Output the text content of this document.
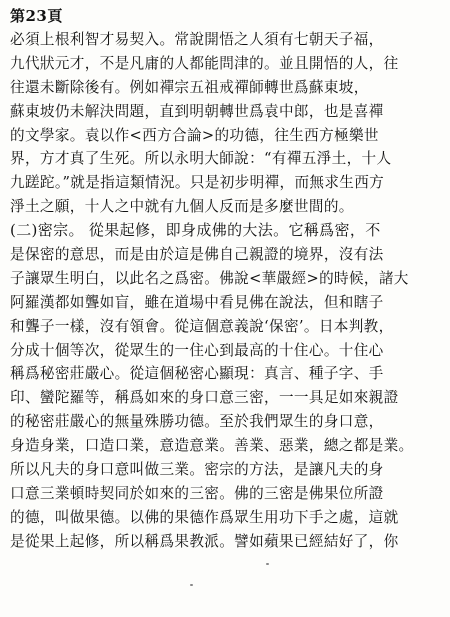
第23頁
必須上根利智才易契入。常說開悟之人須有七朝天子福，
九代狀元才，不是凡庸的人都能問津的。並且開悟的人，往
往還未斷除後有。例如禪宗五祖戒禪師轉世爲蘇東坡，
蘇東坡仍未解決問題，直到明朝轉世爲袁中郎，也是喜禪
的文學家。袁以作<西方合論>的功德，往生西方極樂世
界，方才真了生死。所以永明大師說：“有禪五淨土，十人
九蹉跎。”就是指這類情況。只是初步明禪，而無求生西方
淨土之願，十人之中就有九個人反而是多麼世間的。
(二)密宗。 從果起修，即身成佛的大法。它稱爲密，不
是保密的意思，而是由於這是佛自己親證的境界，沒有法
子讓眾生明白，以此名之爲密。佛說<華嚴經>的時候，諸大
阿羅漢都如聾如盲，雖在道場中看見佛在說法，但和瞎子
和聾子一樣，沒有領會。從這個意義說‘保密’。日本判教，
分成十個等次，從眾生的一住心到最高的十住心。十住心
稱爲秘密莊嚴心。從這個秘密心顯現：真言、種子字、手
印、蠻陀羅等，稱爲如來的身口意三密，一一具足如來親證
的秘密莊嚴心的無量殊勝功德。至於我們眾生的身口意，
身造身業，口造口業，意造意業。善業、惡業，總之都是業。
所以凡夫的身口意叫做三業。密宗的方法，是讓凡夫的身
口意三業頓時契同於如來的三密。佛的三密是佛果位所證
的德，叫做果德。以佛的果德作爲眾生用功下手之處，這就
是從果上起修，所以稱爲果教派。譬如蘋果已經結好了，你
